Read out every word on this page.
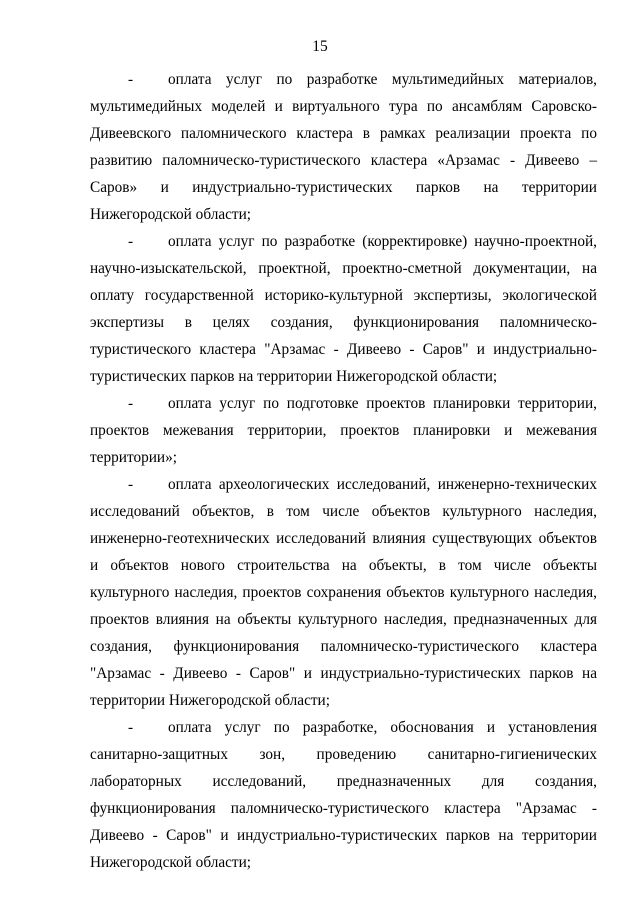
15

- оплата услуг по разработке мультимедийных материалов, мультимедийных моделей и виртуального тура по ансамблям Саровско-Дивеевского паломнического кластера в рамках реализации проекта по развитию паломническо-туристического кластера «Арзамас - Дивеево – Саров» и индустриально-туристических парков на территории Нижегородской области;

- оплата услуг по разработке (корректировке) научно-проектной, научно-изыскательской, проектной, проектно-сметной документации, на оплату государственной историко-культурной экспертизы, экологической экспертизы в целях создания, функционирования паломническо-туристического кластера "Арзамас - Дивеево - Саров" и индустриально-туристических парков на территории Нижегородской области;

- оплата услуг по подготовке проектов планировки территории, проектов межевания территории, проектов планировки и межевания территории»;

- оплата археологических исследований, инженерно-технических исследований объектов, в том числе объектов культурного наследия, инженерно-геотехнических исследований влияния существующих объектов и объектов нового строительства на объекты, в том числе объекты культурного наследия, проектов сохранения объектов культурного наследия, проектов влияния на объекты культурного наследия, предназначенных для создания, функционирования паломническо-туристического кластера "Арзамас - Дивеево - Саров" и индустриально-туристических парков на территории Нижегородской области;

- оплата услуг по разработке, обоснования и установления санитарно-защитных зон, проведению санитарно-гигиенических лабораторных исследований, предназначенных для создания, функционирования паломническо-туристического кластера "Арзамас - Дивеево - Саров" и индустриально-туристических парков на территории Нижегородской области;
